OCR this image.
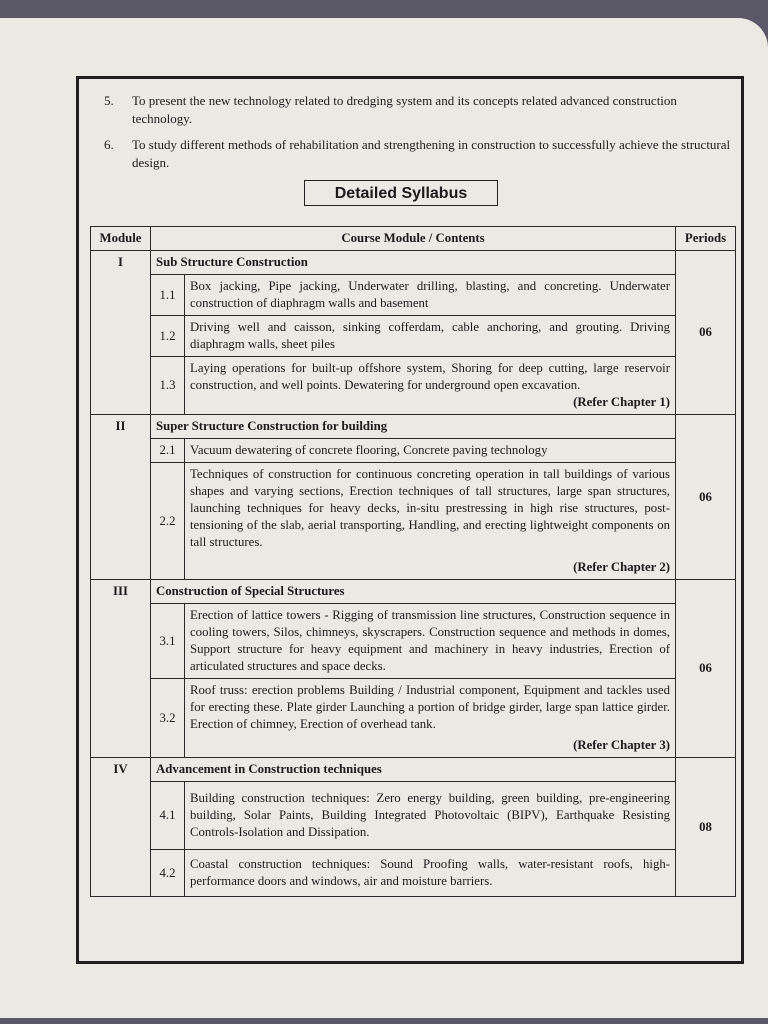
5.	To present the new technology related to dredging system and its concepts related advanced construction technology.
6.	To study different methods of rehabilitation and strengthening in construction to successfully achieve the structural design.
Detailed Syllabus
Module	Course Module / Contents		Periods
I	Sub Structure Construction		06
	1.1	Box jacking, Pipe jacking, Underwater drilling, blasting, and concreting. Underwater construction of diaphragm walls and basement	
	1.2	Driving well and caisson, sinking cofferdam, cable anchoring, and grouting. Driving diaphragm walls, sheet piles	
	1.3	Laying operations for built-up offshore system, Shoring for deep cutting, large reservoir construction, and well points. Dewatering for underground open excavation.
(Refer Chapter 1)	

II	Super Structure Construction for building		06
	2.1	Vacuum dewatering of concrete flooring, Concrete paving technology	
	2.2	Techniques of construction for continuous concreting operation in tall buildings of various shapes and varying sections, Erection techniques of tall structures, large span structures, launching techniques for heavy decks, in-situ prestressing in high rise structures, post-tensioning of the slab, aerial transporting, Handling, and erecting lightweight components on tall structures.
(Refer Chapter 2)	

III	Construction of Special Structures		06
	3.1	Erection of lattice towers - Rigging of transmission line structures, Construction sequence in cooling towers, Silos, chimneys, skyscrapers. Construction sequence and methods in domes, Support structure for heavy equipment and machinery in heavy industries, Erection of articulated structures and space decks.	
	3.2	Roof truss: erection problems Building / Industrial component, Equipment and tackles used for erecting these. Plate girder Launching a portion of bridge girder, large span lattice girder. Erection of chimney, Erection of overhead tank.
(Refer Chapter 3)	

IV	Advancement in Construction techniques		08
	4.1	Building construction techniques: Zero energy building, green building, pre-engineering building, Solar Paints, Building Integrated Photovoltaic (BIPV), Earthquake Resisting Controls-Isolation and Dissipation.	
	4.2	Coastal construction techniques: Sound Proofing walls, water-resistant roofs, high-performance doors and windows, air and moisture barriers.	
